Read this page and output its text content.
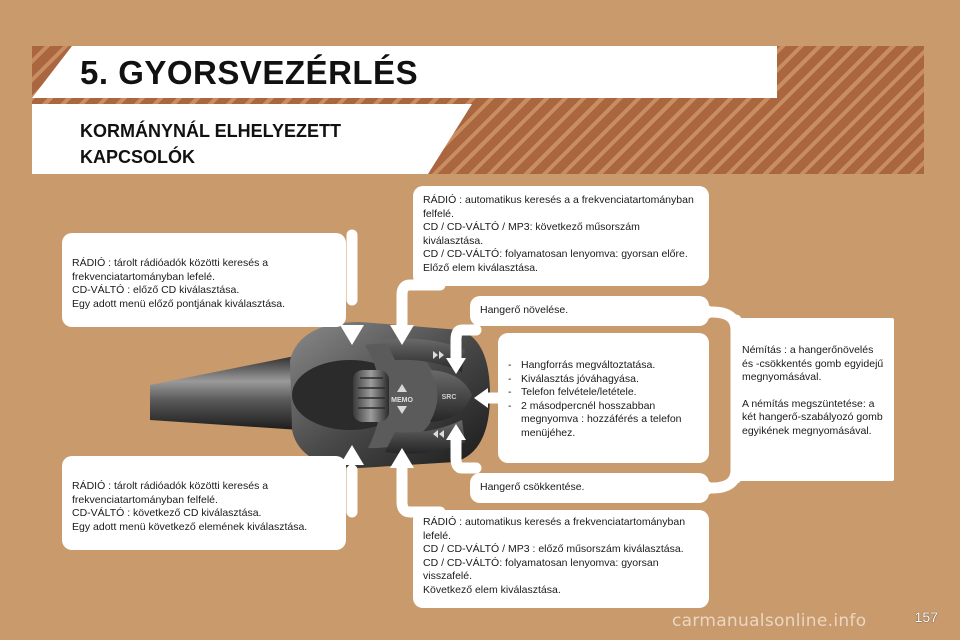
5. GYORSVEZÉRLÉS
KORMÁNYNÁL ELHELYEZETT KAPCSOLÓK
MEMO	SRC

RÁDIÓ : tárolt rádióadók közötti keresés a frekvenciatartományban lefelé.

CD-VÁLTÓ : előző CD kiválasztása.

Egy adott menü előző pontjának kiválasztása.

RÁDIÓ : tárolt rádióadók közötti keresés a frekvenciatartományban felfelé.

CD-VÁLTÓ : következő CD kiválasztása.

Egy adott menü következő elemének kiválasztása.

RÁDIÓ : automatikus keresés a a frekvenciatartományban felfelé.

CD / CD-VÁLTÓ / MP3: következő műsorszám kiválasztása.

CD / CD-VÁLTÓ: folyamatosan lenyomva: gyorsan előre.

Előző elem kiválasztása.

Hangerő növelése.

- Hangforrás megváltoztatása.
- Kiválasztás jóváhagyása.
- Telefon felvétele/letétele.
- 2 másodpercnél hosszabban megnyomva : hozzáférés a telefon menüjéhez.

Hangerő csökkentése.

RÁDIÓ : automatikus keresés a frekvenciatartományban lefelé.

CD / CD-VÁLTÓ / MP3 : előző műsorszám kiválasztása.

CD / CD-VÁLTÓ: folyamatosan lenyomva: gyorsan visszafelé.

Következő elem kiválasztása.

Némítás : a hangerőnövelés és -csökkentés gomb egyidejű megnyomásával.

A némítás megszüntetése: a két hangerő-szabályozó gomb egyikének megnyomásával.

157
carmanualsonline.info
